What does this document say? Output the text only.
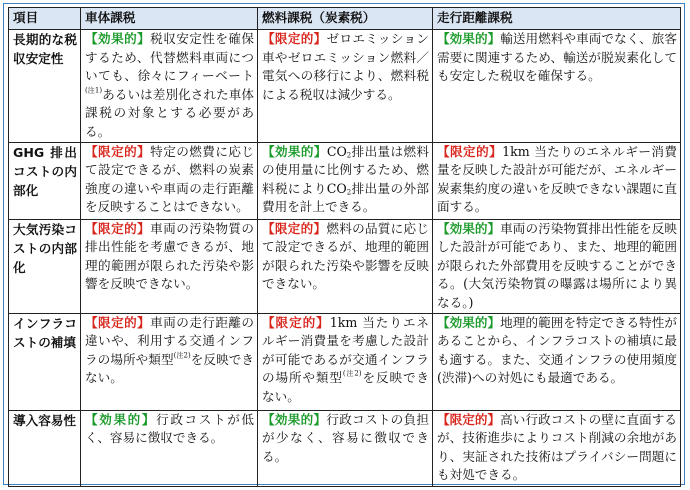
項目	車体課税	燃料課税（炭素税）	走行距離課税
長期的な税収安定性	【効果的】税収安定性を確保するため、代替燃料車両についても、徐々にフィーベート$^{(注1)}$あるいは差別化された車体課税の対象とする必要がある。	【限定的】ゼロエミッション車やゼロエミッション燃料／電気への移行により、燃料税による税収は減少する。	【効果的】輸送用燃料や車両でなく、旅客需要に関連するため、輸送が脱炭素化しても安定した税収を確保する。
GHG 排出コストの内部化	【限定的】特定の燃費に応じて設定できるが、燃料の炭素強度の違いや車両の走行距離を反映することはできない。	【効果的】$CO_2$排出量は燃料の使用量に比例するため、燃料税により$CO_2$排出量の外部費用を計上できる。	【限定的】1km 当たりのエネルギー消費量を反映した設計が可能だが、エネルギー炭素集約度の違いを反映できない課題に直面する。
大気汚染コストの内部化	【限定的】車両の汚染物質の排出性能を考慮できるが、地理的範囲が限られた汚染や影響を反映できない。	【限定的】燃料の品質に応じて設定できるが、地理的範囲が限られた汚染や影響を反映できない。	【効果的】車両の汚染物質排出性能を反映した設計が可能であり、また、地理的範囲が限られた外部費用を反映することができる。(大気汚染物質の曝露は場所により異なる。)
インフラコストの補填	【限定的】車両の走行距離の違いや、利用する交通インフラの場所や類型$^{(注2)}$を反映できない。	【限定的】1km 当たりエネルギー消費量を考慮した設計が可能であるが交通インフラの場所や類型$^{(注2)}$を反映できない。	【効果的】地理的範囲を特定できる特性があることから、インフラコストの補填に最も適する。また、交通インフラの使用頻度(渋滞)への対処にも最適である。
導入容易性	【効果的】行政コストが低く、容易に徴収できる。	【効果的】行政コストの負担が少なく、容易に徴収できる。	【限定的】高い行政コストの壁に直面するが、技術進歩によりコスト削減の余地があり、実証された技術はプライバシー問題にも対処できる。
